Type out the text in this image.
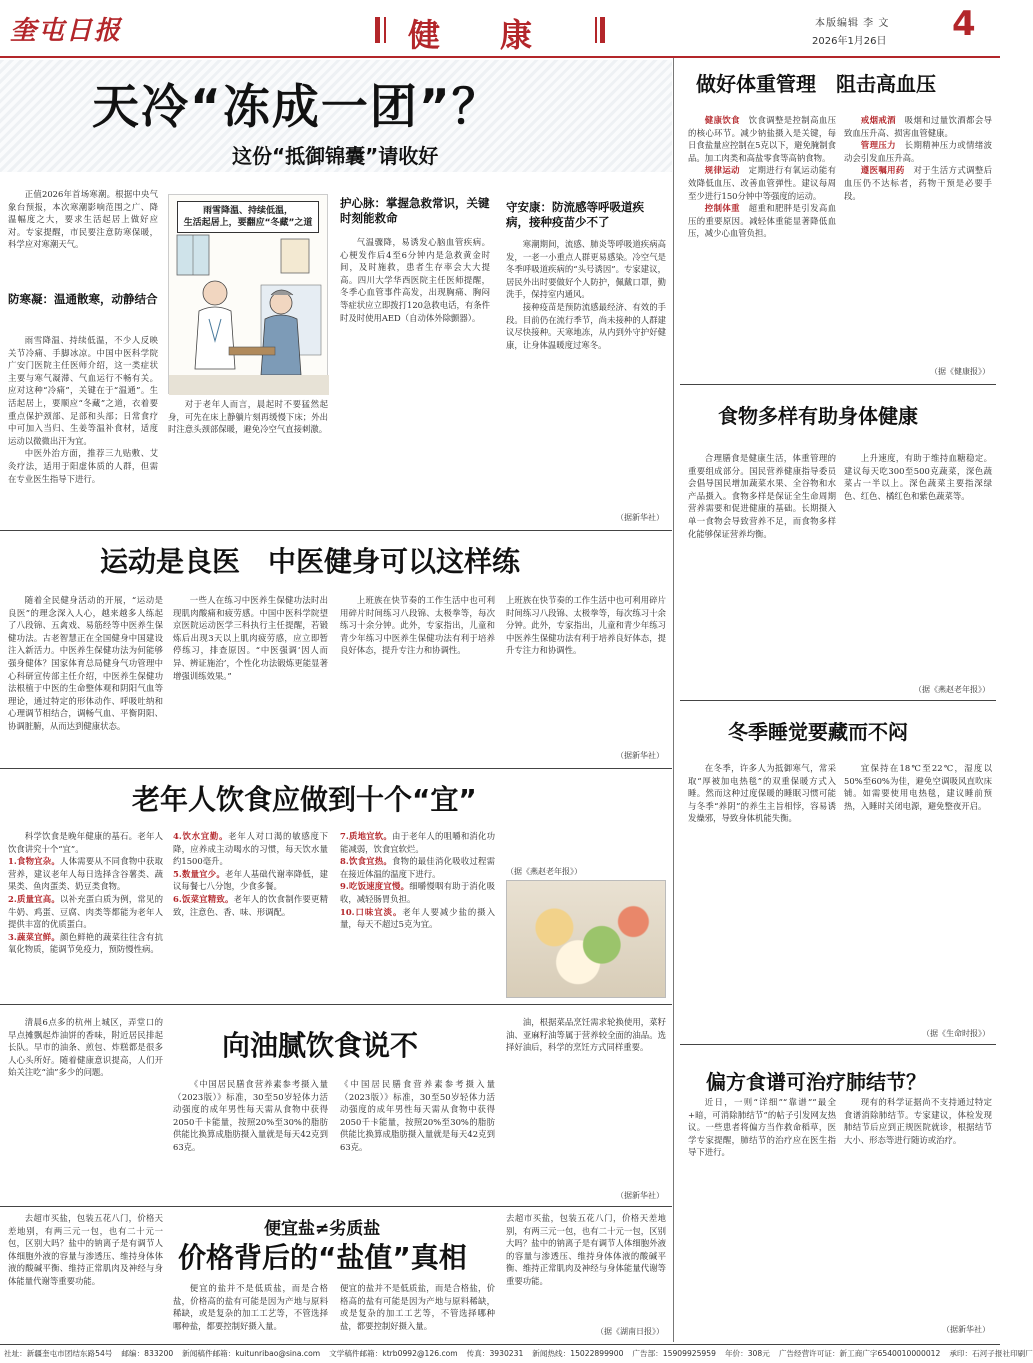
奎屯日报	健康	本版编辑 李 文
2026年1月26日 4
天冷“冻成一团”？
这份“抵御锦囊”请收好
正值2026年首场寒潮。根据中央气象台预报，本次寒潮影响范围之广、降温幅度之大，要求生活起居上做好应对。专家提醒，市民要注意防寒保暖，科学应对寒潮天气。
防寒凝：温通散寒，动静结合

雨雪降温、持续低温，不少人反映关节冷痛、手脚冰凉。中国中医科学院广安门医院主任医师介绍，这一类症状主要与寒气凝滞、气血运行不畅有关。应对这种“冷痛”，关键在于“温通”。生活起居上，要顺应“冬藏”之道，衣着要重点保护颈部、足部和头部；日常食疗中可加入当归、生姜等温补食材，适度运动以微微出汗为宜。

中医外治方面，推荐三九贴敷、艾灸疗法，适用于阳虚体质的人群，但需在专业医生指导下进行。

雨雪降温、持续低温，
生活起居上，要翻应“冬藏”之道

对于老年人而言，晨起时不要猛然起身，可先在床上静躺片刻再缓慢下床；外出时注意头颈部保暖，避免冷空气直接刺激。

护心脉：掌握急救常识，关键时刻能救命
气温骤降，易诱发心脑血管疾病。心梗发作后4至6分钟内是急救黄金时间，及时施救，患者生存率会大大提高。四川大学华西医院主任医师提醒，冬季心血管事件高发，出现胸痛、胸闷等症状应立即拨打120急救电话，有条件时及时使用AED（自动体外除颤器）。
守安康：防流感等呼吸道疾病，接种疫苗少不了

寒潮期间，流感、肺炎等呼吸道疾病高发，一老一小重点人群更易感染。冷空气是冬季呼吸道疾病的“头号诱因”。专家建议，居民外出时要做好个人防护，佩戴口罩，勤洗手，保持室内通风。

接种疫苗是预防流感最经济、有效的手段。目前仍在流行季节，尚未接种的人群建议尽快接种。天寒地冻，从内到外守护好健康，让身体温暖度过寒冬。

（据新华社）
运动是良医　中医健身可以这样练
随着全民健身活动的开展，“运动是良医”的理念深入人心，越来越多人练起了八段锦、五禽戏、易筋经等中医养生保健功法。古老智慧正在全国健身中国建设注入新活力。中医养生保健功法为何能够强身健体？国家体育总局健身气功管理中心科研宣传部主任介绍，中医养生保健功法根植于中医的生命整体观和阴阳气血等理论，通过特定的形体动作、呼吸吐纳和心理调节相结合，调畅气血、平衡阴阳、协调脏腑，从而达到健康状态。
一些人在练习中医养生保健功法时出现肌肉酸痛和疲劳感。中国中医科学院望京医院运动医学三科执行主任提醒，若锻炼后出现3天以上肌肉疲劳感，应立即暂停练习，排查原因。“中医强调‘因人而异、辨证施治’，个性化功法锻炼更能显著增强训练效果。”
上班族在快节奏的工作生活中也可利用碎片时间练习八段锦、太极拳等，每次练习十余分钟。此外，专家指出，儿童和青少年练习中医养生保健功法有利于培养良好体态，提升专注力和协调性。
上班族在快节奏的工作生活中也可利用碎片时间练习八段锦、太极拳等，每次练习十余分钟。此外，专家指出，儿童和青少年练习中医养生保健功法有利于培养良好体态，提升专注力和协调性。
（据新华社）
老年人饮食应做到十个“宜”

科学饮食是晚年健康的基石。老年人饮食讲究十个“宜”。

1.食物宜杂。人体需要从不同食物中获取营养，建议老年人每日选择含谷薯类、蔬果类、鱼肉蛋类、奶豆类食物。

2.质量宜高。以补充蛋白质为例，常见的牛奶、鸡蛋、豆腐、肉类等都能为老年人提供丰富的优质蛋白。

3.蔬菜宜鲜。颜色鲜艳的蔬菜往往含有抗氧化物质，能调节免疫力，预防慢性病。

4.饮水宜勤。老年人对口渴的敏感度下降，应养成主动喝水的习惯，每天饮水量约1500毫升。

5.数量宜少。老年人基础代谢率降低，建议每餐七八分饱，少食多餐。

6.饭菜宜精致。老年人的饮食制作要更精致，注意色、香、味、形调配。

7.质地宜软。由于老年人的咀嚼和消化功能减弱，饮食宜软烂。

8.饮食宜热。食物的最佳消化吸收过程需在接近体温的温度下进行。

9.吃饭速度宜慢。细嚼慢咽有助于消化吸收，减轻肠胃负担。

10.口味宜淡。老年人要减少盐的摄入量，每天不超过5克为宜。

（据《燕赵老年报》）
清晨6点多的杭州上城区，弄堂口的早点摊飘起炸油饼的香味，附近居民排起长队。早市的油条、煎包、炸糕都是很多人心头所好。随着健康意识提高，人们开始关注吃“油”多少的问题。
向油腻饮食说不
《中国居民膳食营养素参考摄入量（2023版）》标准，30至50岁轻体力活动强度的成年男性每天需从食物中获得2050千卡能量，按照20%至30%的脂肪供能比换算成脂肪摄入量就是每天42克到63克。
《中国居民膳食营养素参考摄入量（2023版）》标准，30至50岁轻体力活动强度的成年男性每天需从食物中获得2050千卡能量，按照20%至30%的脂肪供能比换算成脂肪摄入量就是每天42克到63克。
油，根据菜品烹饪需求轮换使用，菜籽油、亚麻籽油等属于营养较全面的油品。选择好油后，科学的烹饪方式同样重要。
（据新华社）
去超市买盐，包装五花八门，价格天差地别，有两三元一包，也有二十元一包，区别大吗？盐中的钠离子是有调节人体细胞外液的容量与渗透压、维持身体体液的酸碱平衡、维持正常肌肉及神经与身体能量代谢等重要功能。
便宜盐≠劣质盐
价格背后的“盐值”真相
便宜的盐并不是低质盐，而是合格盐，价格高的盐有可能是因为产地与原料稀缺，或是复杂的加工工艺等，不管选择哪种盐，都要控制好摄入量。
便宜的盐并不是低质盐，而是合格盐，价格高的盐有可能是因为产地与原料稀缺，或是复杂的加工工艺等，不管选择哪种盐，都要控制好摄入量。
去超市买盐，包装五花八门，价格天差地别，有两三元一包，也有二十元一包，区别大吗？盐中的钠离子是有调节人体细胞外液的容量与渗透压、维持身体体液的酸碱平衡、维持正常肌肉及神经与身体能量代谢等重要功能。
（据《湖南日报》）
做好体重管理　阻击高血压

健康饮食　 饮食调整是控制高血压的核心环节。减少钠盐摄入是关键，每日食盐量应控制在5克以下，避免腌制食品。加工肉类和高盐零食等高钠食物。

规律运动　 定期进行有氧运动能有效降低血压、改善血管弹性。建议每周至少进行150分钟中等强度的运动。

控制体重　 超重和肥胖是引发高血压的重要原因。减轻体重能显著降低血压，减少心血管负担。

戒烟戒酒　 吸烟和过量饮酒都会导致血压升高、损害血管健康。

管理压力　 长期精神压力或情绪波动会引发血压升高。

遵医嘱用药　 对于生活方式调整后血压仍不达标者，药物干预是必要手段。

（据《健康报》）
食物多样有助身体健康
合理膳食是健康生活，体重管理的重要组成部分。国民营养健康指导委员会倡导国民增加蔬菜水果、全谷物和水产品摄入。食物多样是保证全生命周期营养需要和促进健康的基础。长期摄入单一食物会导致营养不足，而食物多样化能够保证营养均衡。
上升速度，有助于维持血糖稳定。建议每天吃300至500克蔬菜，深色蔬菜占一半以上。深色蔬菜主要指深绿色、红色、橘红色和紫色蔬菜等。
（据《燕赵老年报》）
冬季睡觉要藏而不闷
在冬季，许多人为抵御寒气，常采取“厚被加电热毯”的双重保暖方式入睡。然而这种过度保暖的睡眠习惯可能与冬季“养阴”的养生主旨相悖，容易诱发燥邪，导致身体机能失衡。
宜保持在18℃至22℃，湿度以50%至60%为佳，避免空调吸风直吹床铺。如需要使用电热毯，建议睡前预热，入睡时关闭电源，避免整夜开启。
（据《生命时报》）
偏方食谱可治疗肺结节？
近日，一则“详细”“靠谱”“最全+暗，可消除肺结节”的帖子引发网友热议。一些患者将偏方当作救命稻草，医学专家提醒，肺结节的治疗应在医生指导下进行。
现有的科学证据尚不支持通过特定食谱消除肺结节。专家建议，体检发现肺结节后应到正规医院就诊，根据结节大小、形态等进行随访或治疗。
（据新华社）
社址：新疆奎屯市团结东路54号 邮编：833200 新闻稿件邮箱：kuitunribao@sina.com 文学稿件邮箱：ktrb0992@126.com 传真：3930231 新闻热线：15022899900 广告部：15909925959 年价：308元 广告经营许可证：新工商广字6540010000012 承印：石河子报社印刷厂
